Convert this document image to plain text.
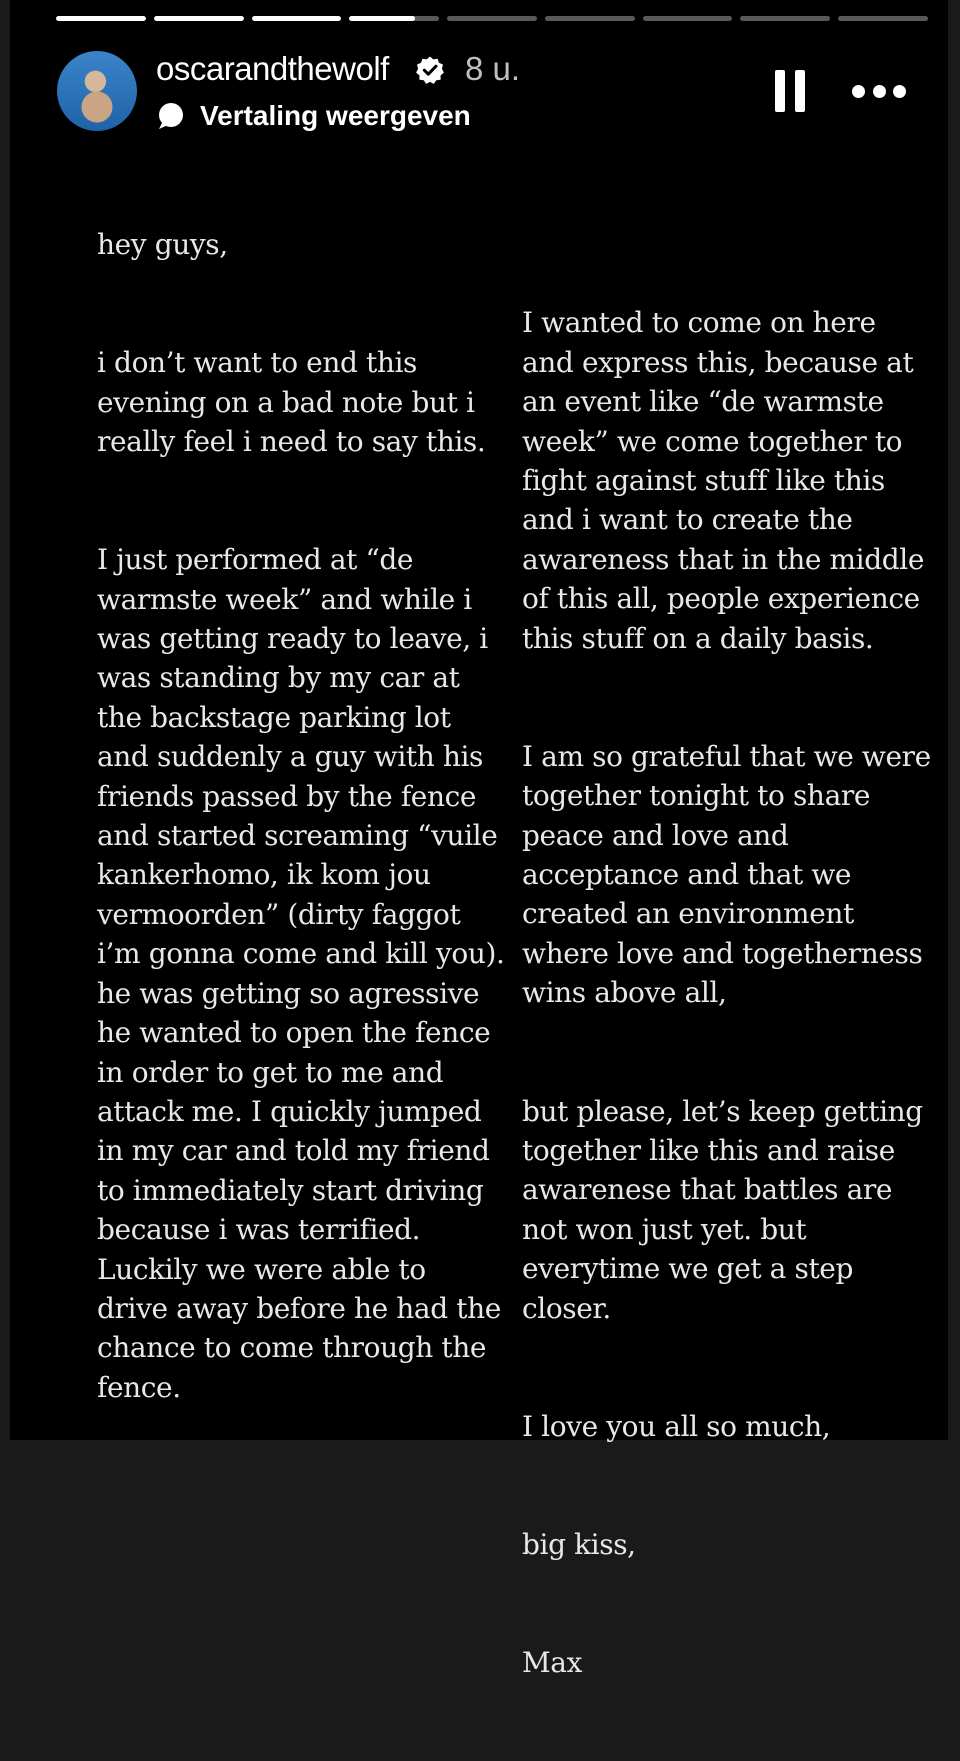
oscarandthewolf 8 u.
Vertaling weergeven

hey guys,

i don’t want to end this
evening on a bad note but i
really feel i need to say this.

I just performed at “de
warmste week” and while i
was getting ready to leave, i
was standing by my car at
the backstage parking lot
and suddenly a guy with his
friends passed by the fence
and started screaming “vuile
kankerhomo, ik kom jou
vermoorden” (dirty faggot
i’m gonna come and kill you).
he was getting so agressive
he wanted to open the fence
in order to get to me and
attack me. I quickly jumped
in my car and told my friend
to immediately start driving
because i was terrified.
Luckily we were able to
drive away before he had the
chance to come through the
fence.

I wanted to come on here
and express this, because at
an event like “de warmste
week” we come together to
fight against stuff like this
and i want to create the
awareness that in the middle
of this all, people experience
this stuff on a daily basis.

I am so grateful that we were
together tonight to share
peace and love and
acceptance and that we
created an environment
where love and togetherness
wins above all,

but please, let’s keep getting
together like this and raise
awarenese that battles are
not won just yet. but
everytime we get a step
closer.

I love you all so much,

big kiss,

Max
